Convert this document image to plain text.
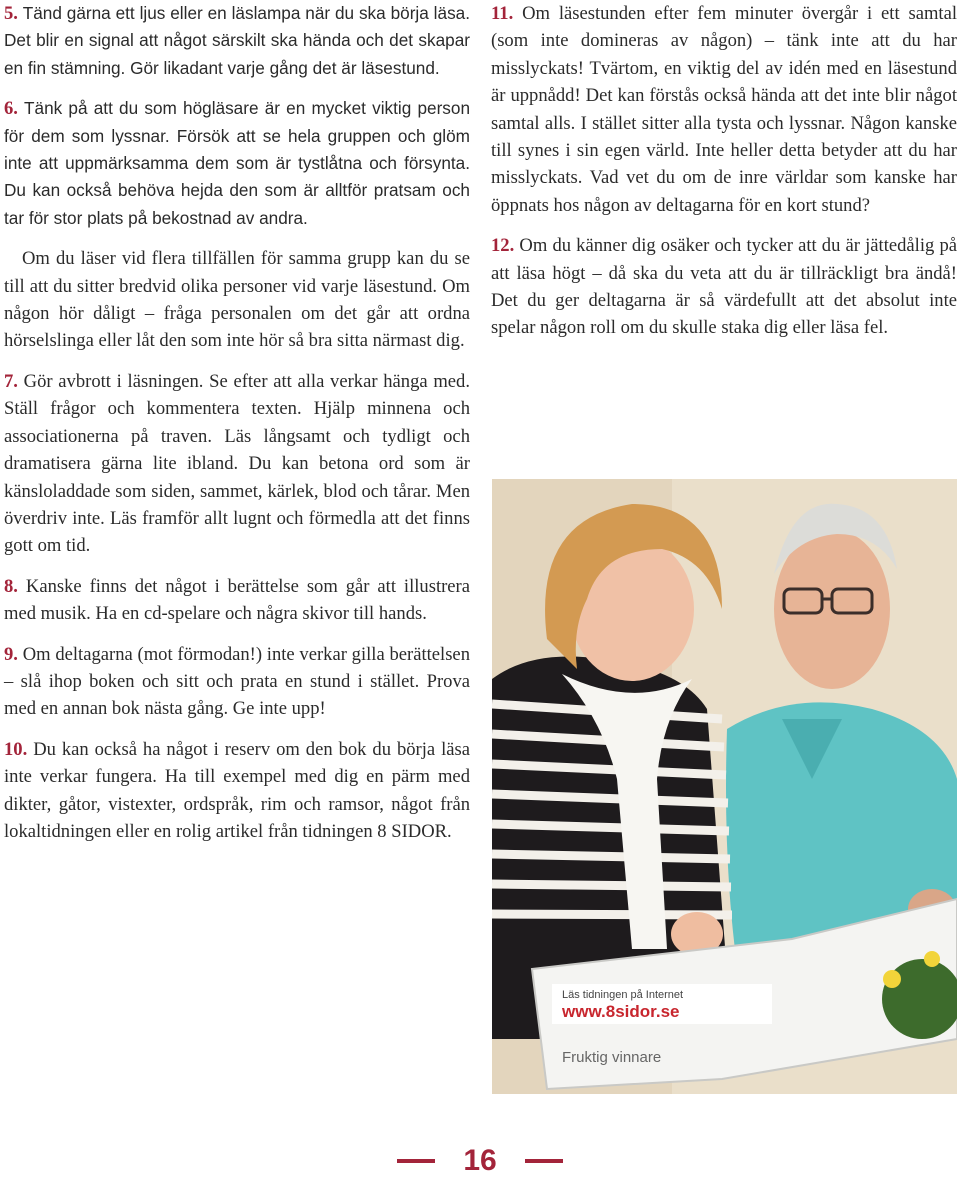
5. Tänd gärna ett ljus eller en läslampa när du ska börja läsa. Det blir en signal att något särskilt ska hända och det skapar en fin stämning. Gör likadant varje gång det är läsestund.

6. Tänk på att du som högläsare är en mycket viktig person för dem som lyssnar. Försök att se hela gruppen och glöm inte att uppmärksamma dem som är tystlåtna och försynta. Du kan också behöva hejda den som är alltför pratsam och tar för stor plats på bekostnad av andra.

Om du läser vid flera tillfällen för samma grupp kan du se till att du sitter bredvid olika personer vid varje läsestund. Om någon hör dåligt – fråga personalen om det går att ordna hörselslinga eller låt den som inte hör så bra sitta närmast dig.

7. Gör avbrott i läsningen. Se efter att alla verkar hänga med. Ställ frågor och kommentera texten. Hjälp minnena och associationerna på traven. Läs långsamt och tydligt och dramatisera gärna lite ibland. Du kan betona ord som är känsloladdade som siden, sammet, kärlek, blod och tårar. Men överdriv inte. Läs framför allt lugnt och förmedla att det finns gott om tid.

8. Kanske finns det något i berättelse som går att illustrera med musik. Ha en cd-spelare och några skivor till hands.

9. Om deltagarna (mot förmodan!) inte verkar gilla berättelsen – slå ihop boken och sitt och prata en stund i stället. Prova med en annan bok nästa gång. Ge inte upp!

10. Du kan också ha något i reserv om den bok du börja läsa inte verkar fungera. Ha till exempel med dig en pärm med dikter, gåtor, vistexter, ordspråk, rim och ramsor, något från lokaltidningen eller en rolig artikel från tidningen 8 SIDOR.

11. Om läsestunden efter fem minuter övergår i ett samtal (som inte domineras av någon) – tänk inte att du har misslyckats! Tvärtom, en viktig del av idén med en läsestund är uppnådd! Det kan förstås också hända att det inte blir något samtal alls. I stället sitter alla tysta och lyssnar. Någon kanske till synes i sin egen värld. Inte heller detta betyder att du har misslyckats. Vad vet du om de inre världar som kanske har öppnats hos någon av deltagarna för en kort stund?

12. Om du känner dig osäker och tycker att du är jättedålig på att läsa högt – då ska du veta att du är tillräckligt bra ändå! Det du ger deltagarna är så värdefullt att det absolut inte spelar någon roll om du skulle staka dig eller läsa fel.

Läs tidningen på Internet
www.8sidor.se
Fruktig vinnare
16
